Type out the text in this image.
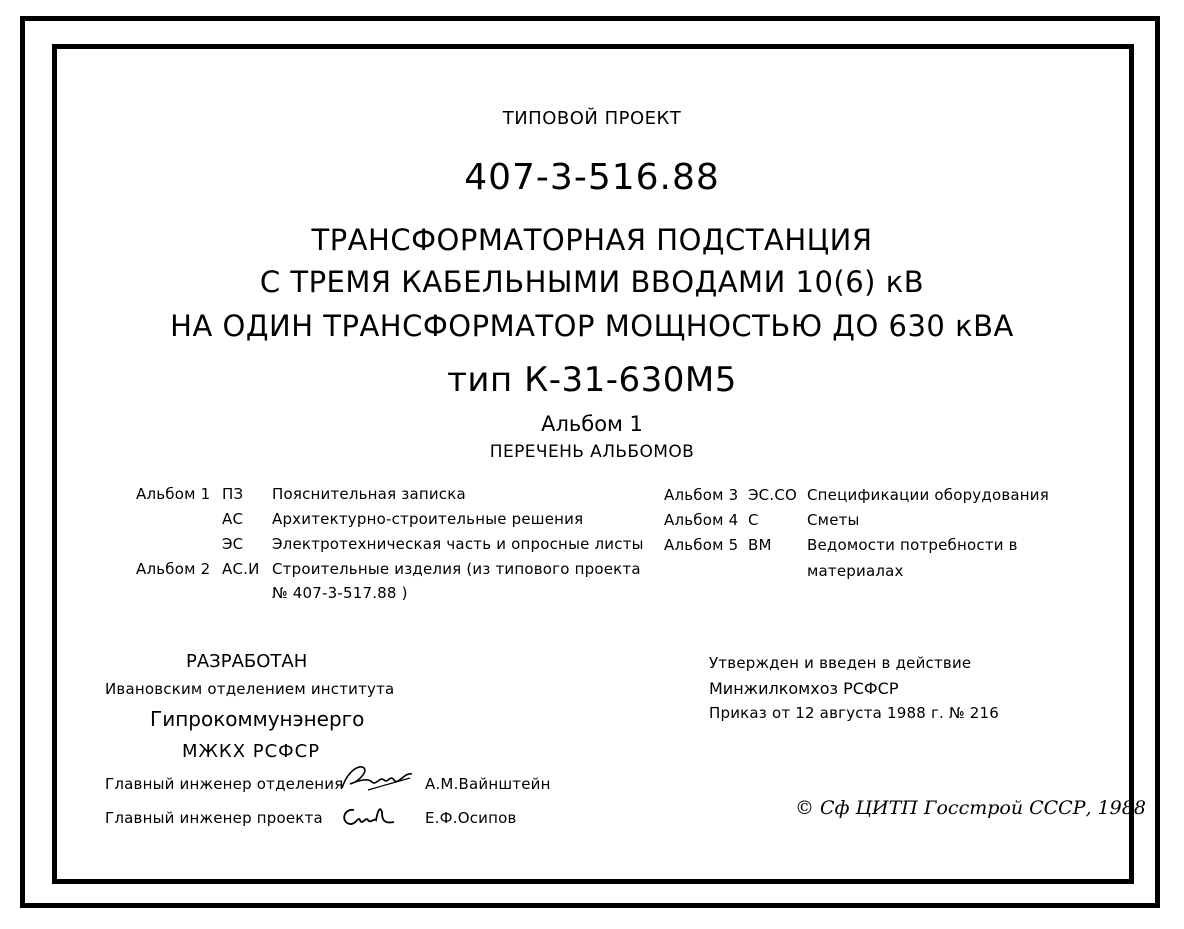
ТИПОВОЙ ПРОЕКТ
407-3-516.88
ТРАНСФОРМАТОРНАЯ ПОДСТАНЦИЯ
С ТРЕМЯ КАБЕЛЬНЫМИ ВВОДАМИ 10(6) кВ
НА ОДИН ТРАНСФОРМАТОР МОЩНОСТЬЮ ДО 630 кВА
тип К-31-630М5
Альбом 1
ПЕРЕЧЕНЬ АЛЬБОМОВ
Альбом 1 ПЗ Пояснительная записка
АС Архитектурно-строительные решения
ЭС Электротехническая часть и опросные листы
Альбом 2 АС.И Строительные изделия (из типового проекта
№ 407-3-517.88 )
Альбом 3 ЭС.СО Спецификации оборудования
Альбом 4 С	Сметы
Альбом 5 ВМ Ведомости потребности в
материалах
РАЗРАБОТАН
Ивановским отделением института
Гипрокоммунэнерго
МЖКХ РСФСР
Главный инженер отделения	А.М.Вайнштейн
Главный инженер проекта	Е.Ф.Осипов
Утвержден и введен в действие
Минжилкомхоз РСФСР
Приказ от 12 августа 1988 г. № 216
© Сф ЦИТП Госстрой СССР, 1988
